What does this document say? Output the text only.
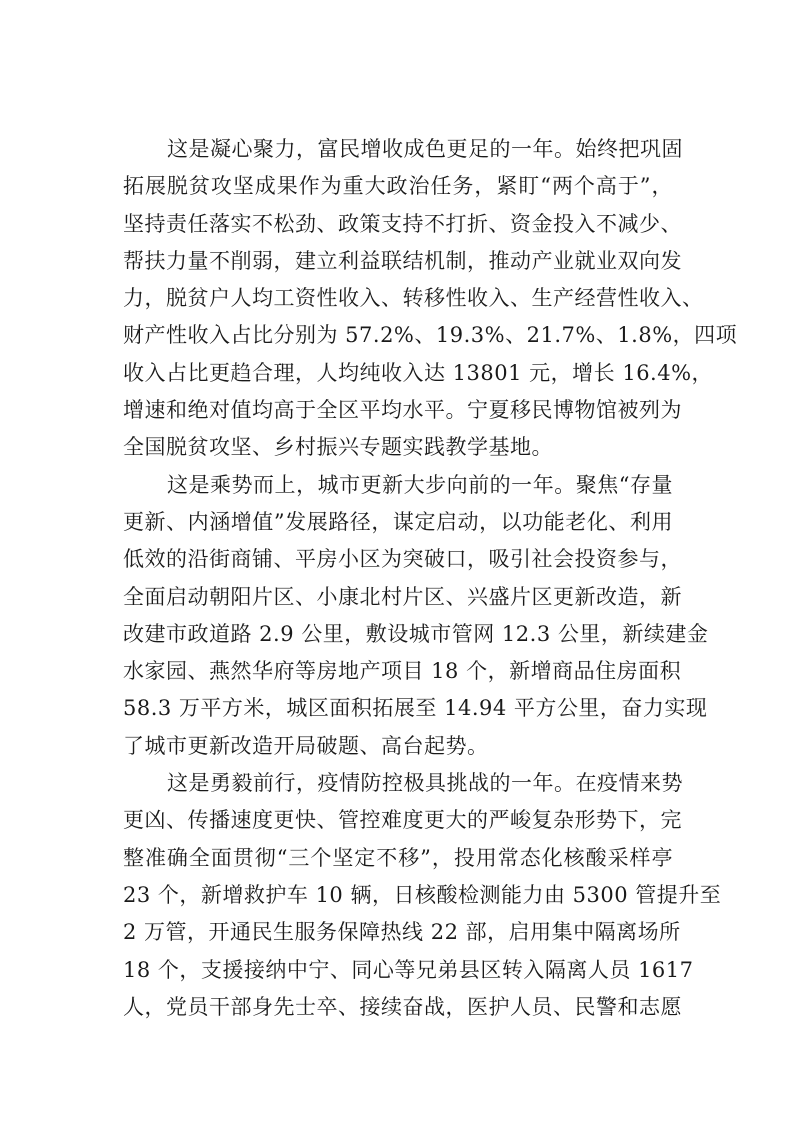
这是凝心聚力，富民增收成色更足的一年。始终把巩固
拓展脱贫攻坚成果作为重大政治任务，紧盯“两个高于”，
坚持责任落实不松劲、政策支持不打折、资金投入不减少、
帮扶力量不削弱，建立利益联结机制，推动产业就业双向发
力，脱贫户人均工资性收入、转移性收入、生产经营性收入、
财产性收入占比分别为 57.2%、19.3%、21.7%、1.8%，四项
收入占比更趋合理，人均纯收入达 13801 元，增长 16.4%，
增速和绝对值均高于全区平均水平。宁夏移民博物馆被列为
全国脱贫攻坚、乡村振兴专题实践教学基地。
这是乘势而上，城市更新大步向前的一年。聚焦“存量
更新、内涵增值”发展路径，谋定启动，以功能老化、利用
低效的沿街商铺、平房小区为突破口，吸引社会投资参与，
全面启动朝阳片区、小康北村片区、兴盛片区更新改造，新
改建市政道路 2.9 公里，敷设城市管网 12.3 公里，新续建金
水家园、燕然华府等房地产项目 18 个，新增商品住房面积
58.3 万平方米，城区面积拓展至 14.94 平方公里，奋力实现
了城市更新改造开局破题、高台起势。
这是勇毅前行，疫情防控极具挑战的一年。在疫情来势
更凶、传播速度更快、管控难度更大的严峻复杂形势下，完
整准确全面贯彻“三个坚定不移”，投用常态化核酸采样亭
23 个，新增救护车 10 辆，日核酸检测能力由 5300 管提升至
2 万管，开通民生服务保障热线 22 部，启用集中隔离场所
18 个，支援接纳中宁、同心等兄弟县区转入隔离人员 1617
人，党员干部身先士卒、接续奋战，医护人员、民警和志愿
